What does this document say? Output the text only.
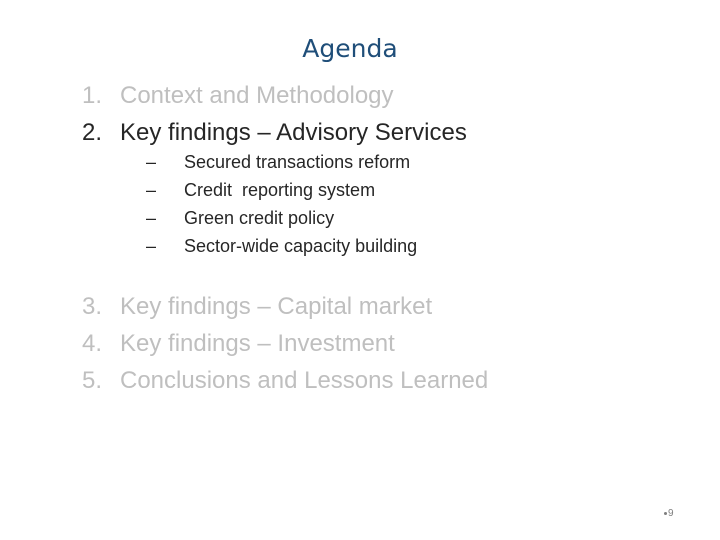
Agenda
1. Context and Methodology
2. Key findings – Advisory Services
– Secured transactions reform
– Credit  reporting system
– Green credit policy
– Sector-wide capacity building
3. Key findings – Capital market
4. Key findings – Investment
5. Conclusions and Lessons Learned
9
